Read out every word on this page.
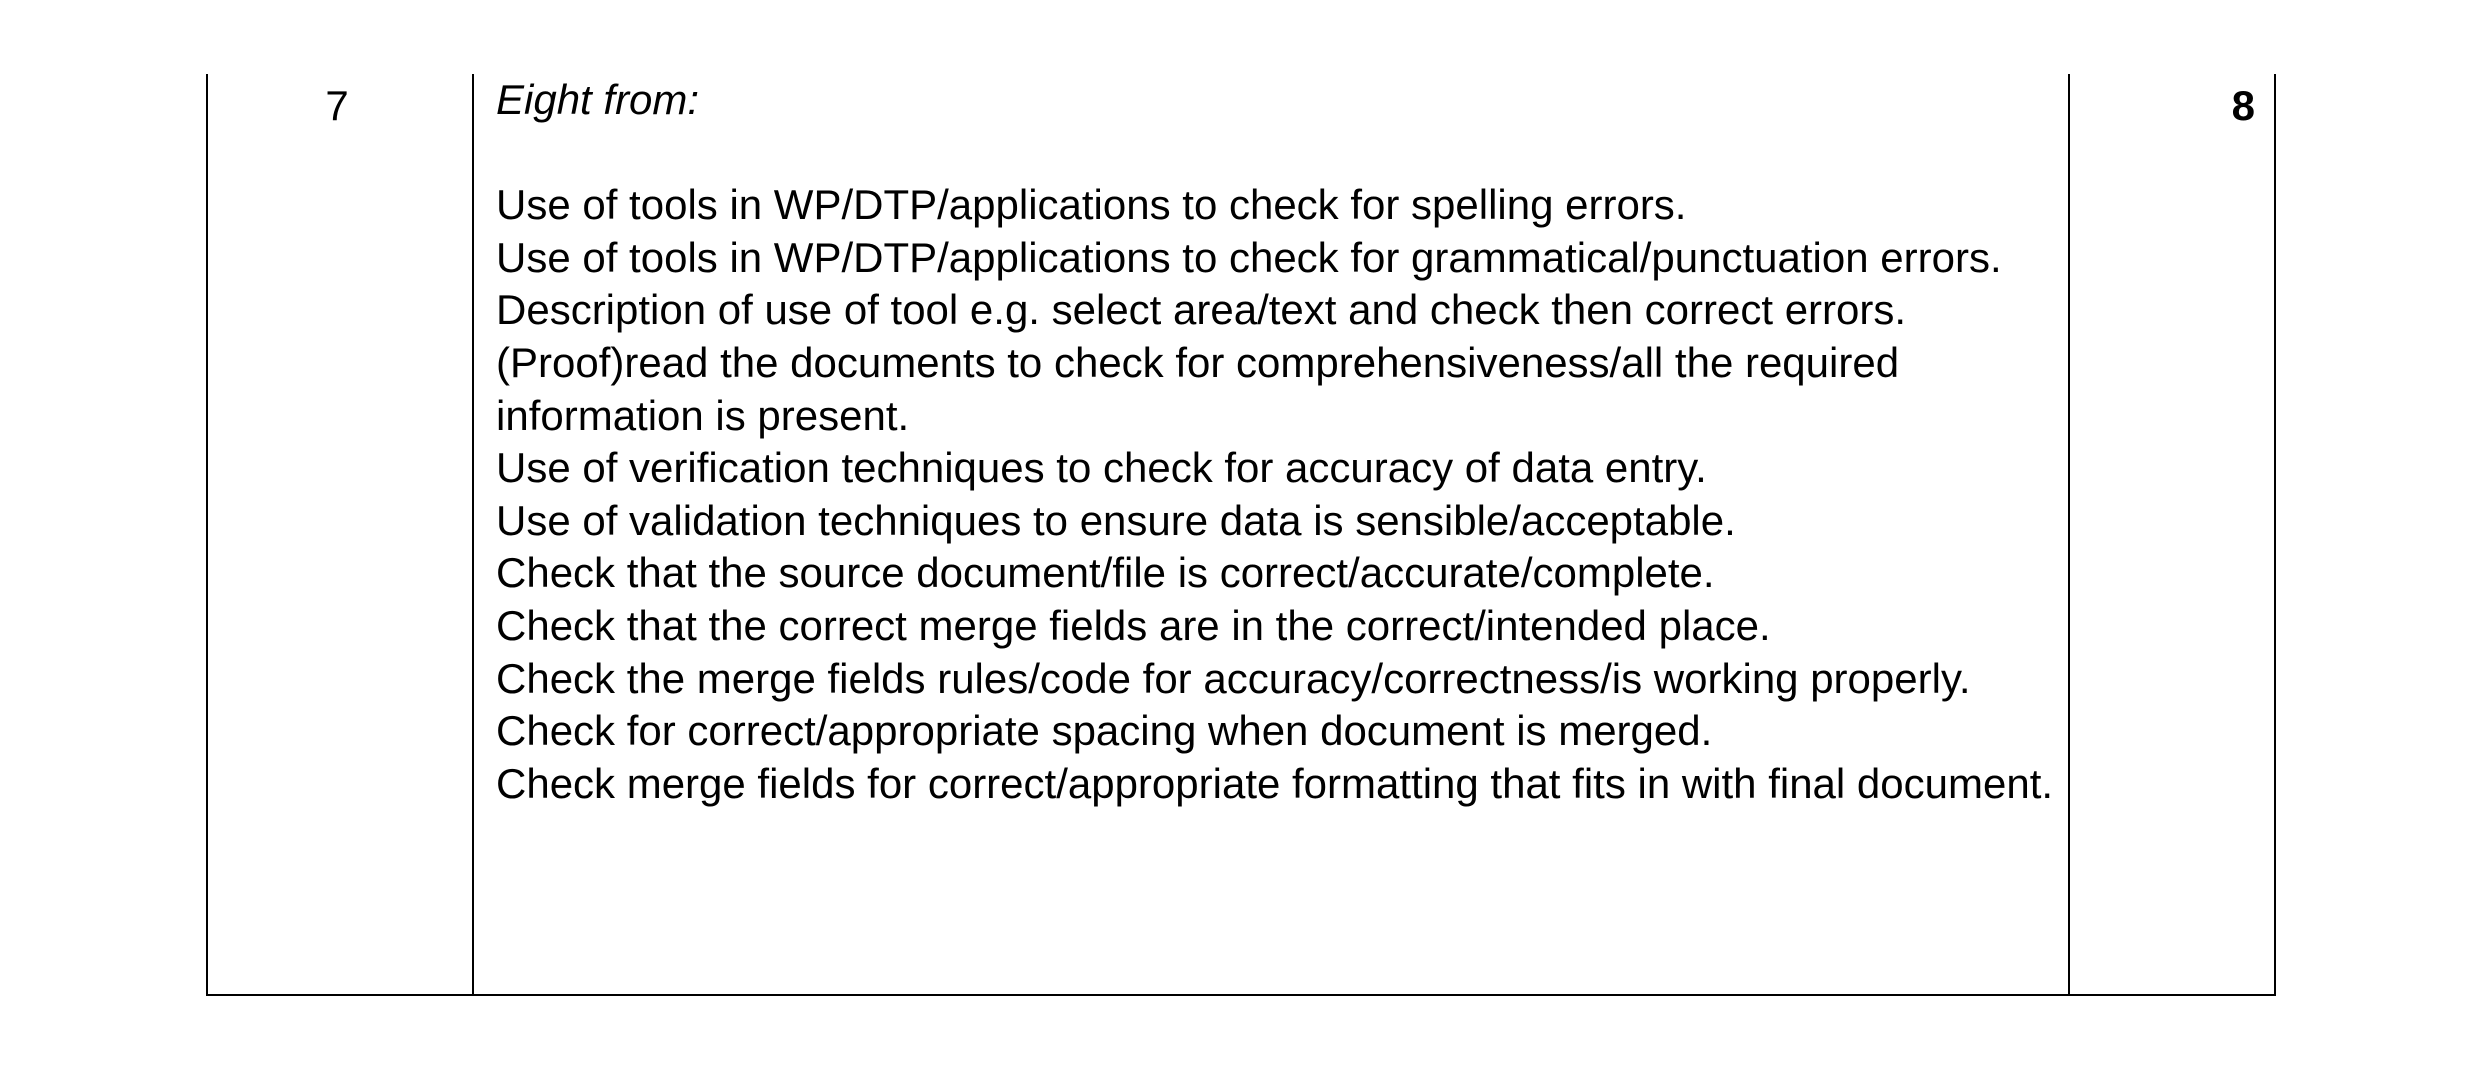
7	Eight from:

Use of tools in WP/DTP/applications to check for spelling errors.
Use of tools in WP/DTP/applications to check for grammatical/punctuation errors.
Description of use of tool e.g. select area/text and check then correct errors.
(Proof)read the documents to check for comprehensiveness/all the required information is present.
Use of verification techniques to check for accuracy of data entry.
Use of validation techniques to ensure data is sensible/acceptable.
Check that the source document/file is correct/accurate/complete.
Check that the correct merge fields are in the correct/intended place.
Check the merge fields rules/code for accuracy/correctness/is working properly.
Check for correct/appropriate spacing when document is merged.
Check merge fields for correct/appropriate formatting that fits in with final document.
8
